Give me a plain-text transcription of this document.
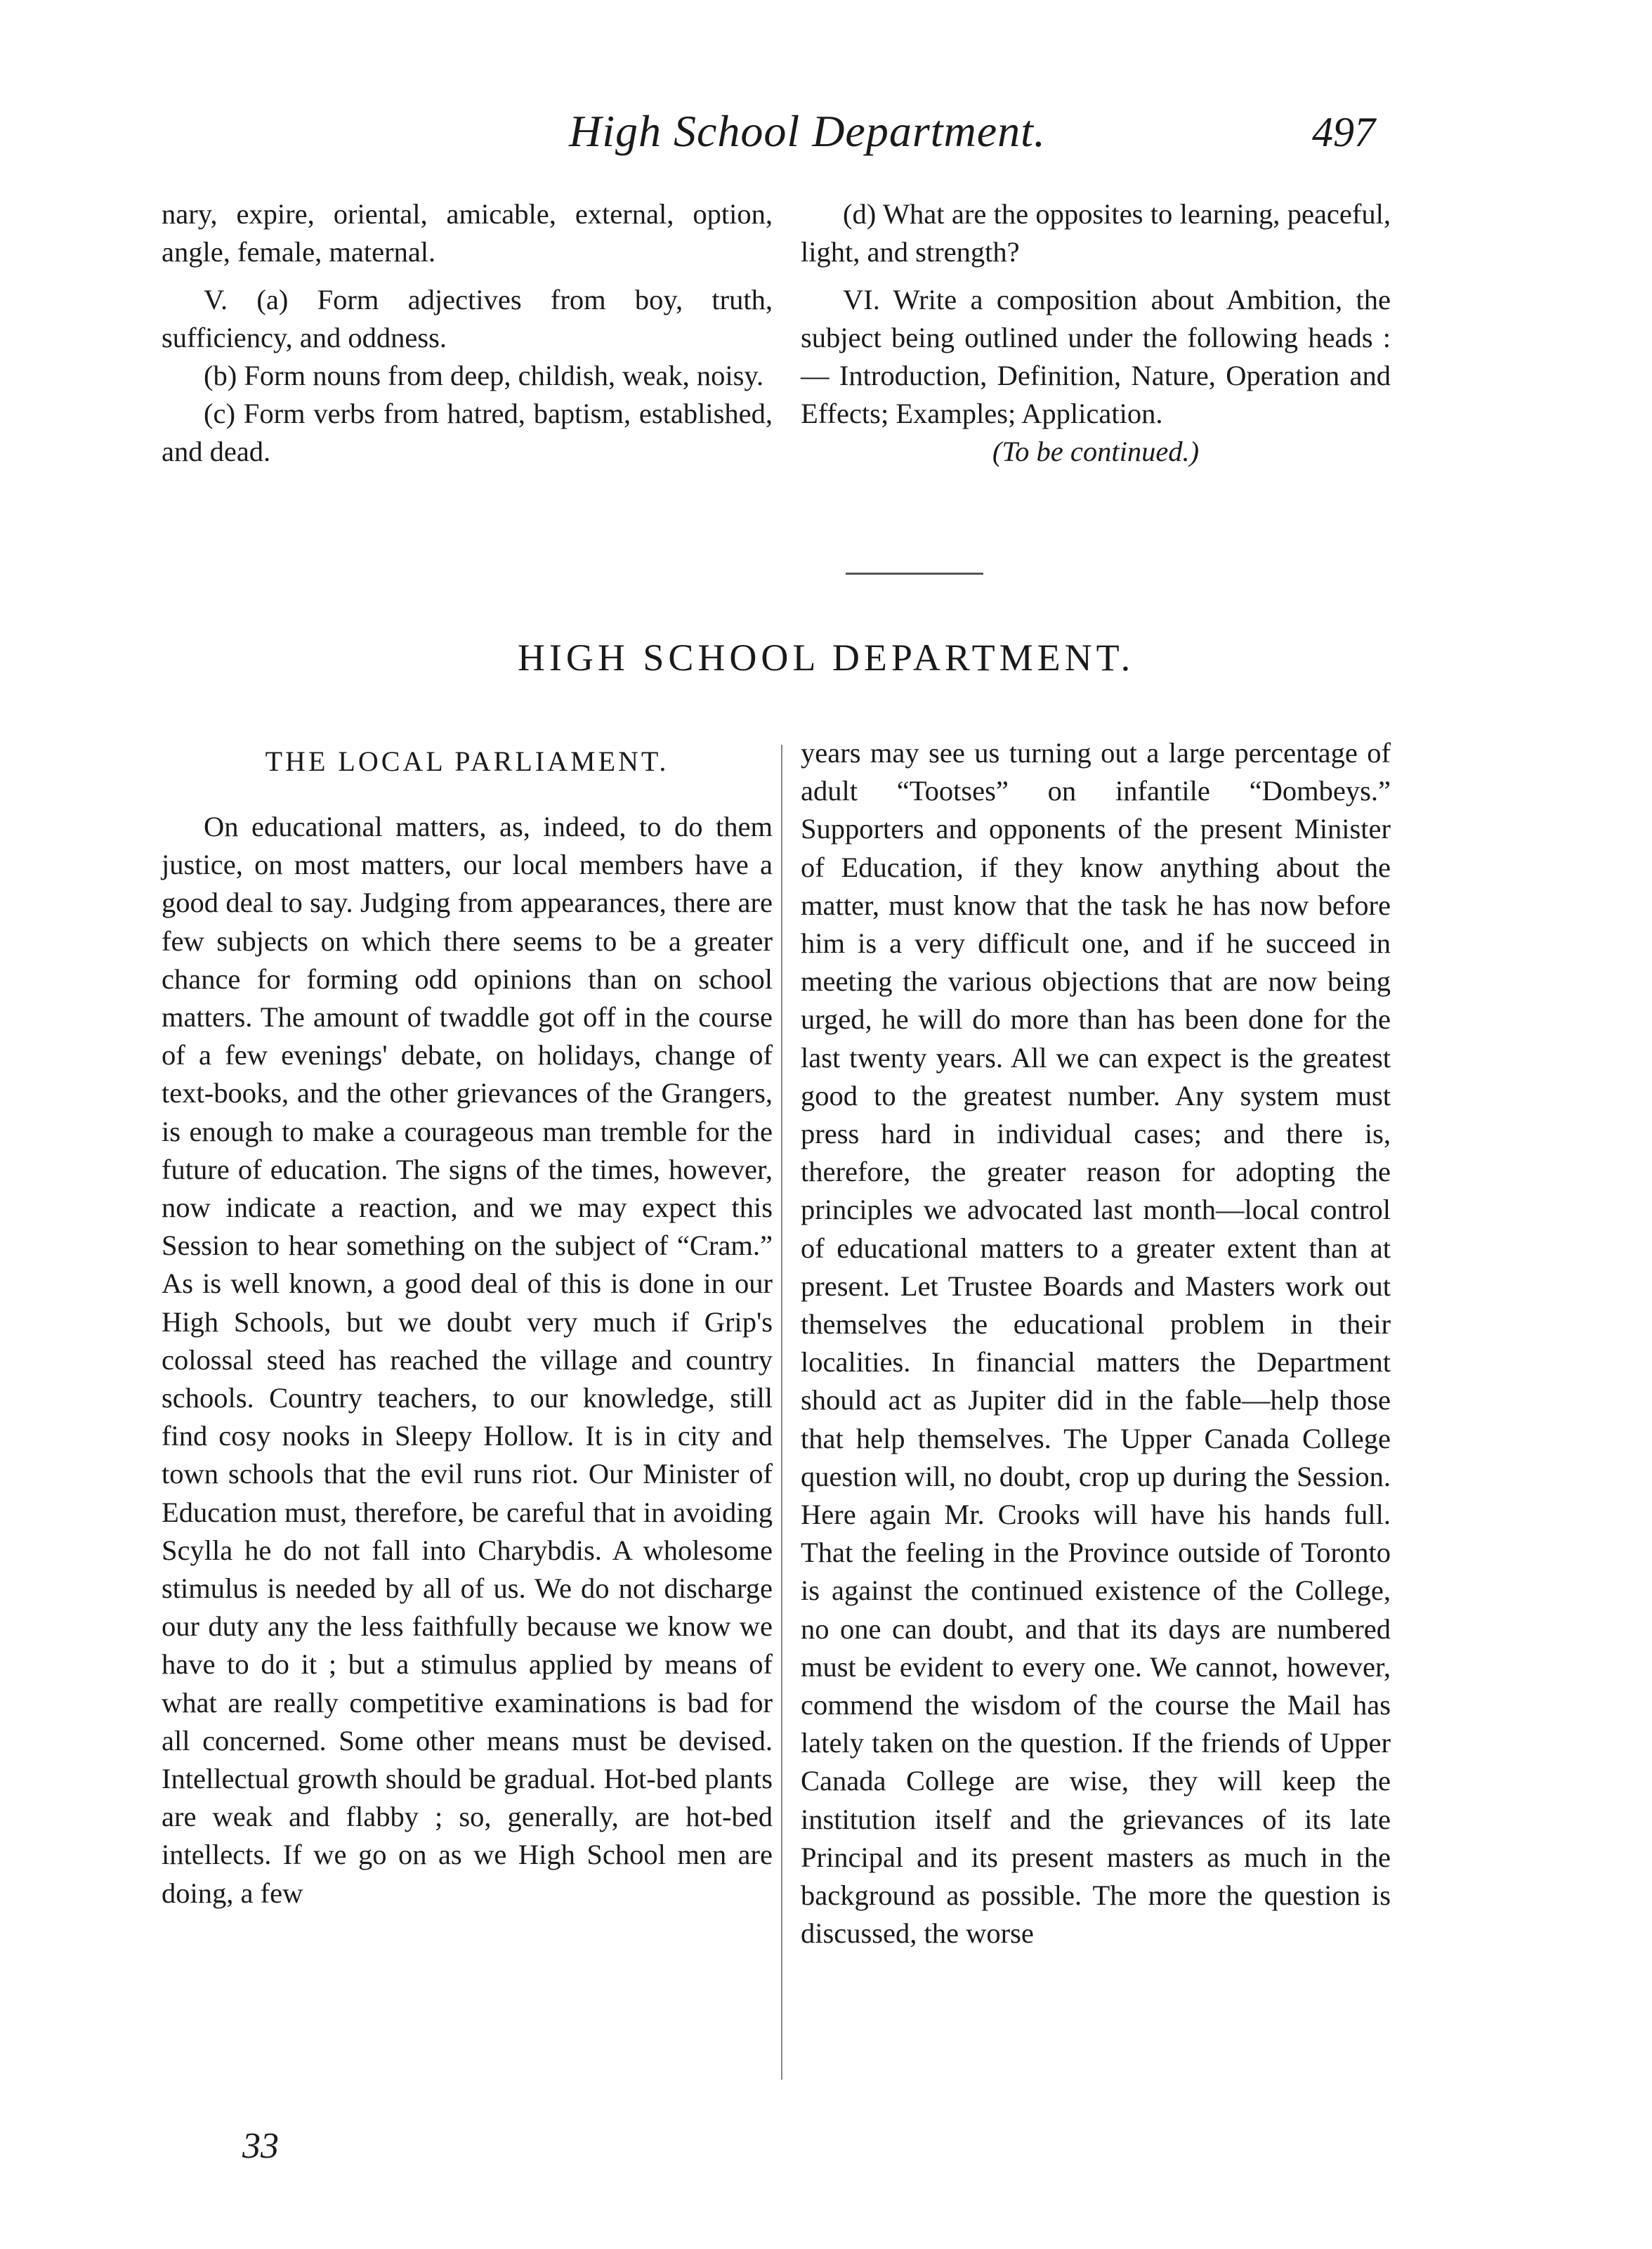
High School Department.	497

nary, expire, oriental, amicable, external, option, angle, female, maternal.

V. (a) Form adjectives from boy, truth, sufficiency, and oddness.

(b) Form nouns from deep, childish, weak, noisy.

(c) Form verbs from hatred, baptism, established, and dead.

(d) What are the opposites to learning, peaceful, light, and strength?

VI. Write a composition about Ambition, the subject being outlined under the following heads :— Introduction, Definition, Nature, Operation and Effects; Examples; Application.

(To be continued.)

HIGH SCHOOL DEPARTMENT.
THE LOCAL PARLIAMENT.

On educational matters, as, indeed, to do them justice, on most matters, our local members have a good deal to say. Judging from appearances, there are few subjects on which there seems to be a greater chance for forming odd opinions than on school matters. The amount of twaddle got off in the course of a few evenings' debate, on holidays, change of text-books, and the other grievances of the Grangers, is enough to make a courageous man tremble for the future of education. The signs of the times, however, now indicate a reaction, and we may expect this Session to hear something on the subject of “Cram.” As is well known, a good deal of this is done in our High Schools, but we doubt very much if Grip's colossal steed has reached the village and country schools. Country teachers, to our knowledge, still find cosy nooks in Sleepy Hollow. It is in city and town schools that the evil runs riot. Our Minister of Education must, therefore, be careful that in avoiding Scylla he do not fall into Charybdis. A wholesome stimulus is needed by all of us. We do not discharge our duty any the less faithfully because we know we have to do it ; but a stimulus applied by means of what are really competitive examinations is bad for all concerned. Some other means must be devised. Intellectual growth should be gradual. Hot-bed plants are weak and flabby ; so, generally, are hot-bed intellects. If we go on as we High School men are doing, a few

years may see us turning out a large percentage of adult “Tootses” on infantile “Dombeys.” Supporters and opponents of the present Minister of Education, if they know anything about the matter, must know that the task he has now before him is a very difficult one, and if he succeed in meeting the various objections that are now being urged, he will do more than has been done for the last twenty years. All we can expect is the greatest good to the greatest number. Any system must press hard in individual cases; and there is, therefore, the greater reason for adopting the principles we advocated last month—local control of educational matters to a greater extent than at present. Let Trustee Boards and Masters work out themselves the educational problem in their localities. In financial matters the Department should act as Jupiter did in the fable—help those that help themselves. The Upper Canada College question will, no doubt, crop up during the Session. Here again Mr. Crooks will have his hands full. That the feeling in the Province outside of Toronto is against the continued existence of the College, no one can doubt, and that its days are numbered must be evident to every one. We cannot, however, commend the wisdom of the course the Mail has lately taken on the question. If the friends of Upper Canada College are wise, they will keep the institution itself and the grievances of its late Principal and its present masters as much in the background as possible. The more the question is discussed, the worse

33
